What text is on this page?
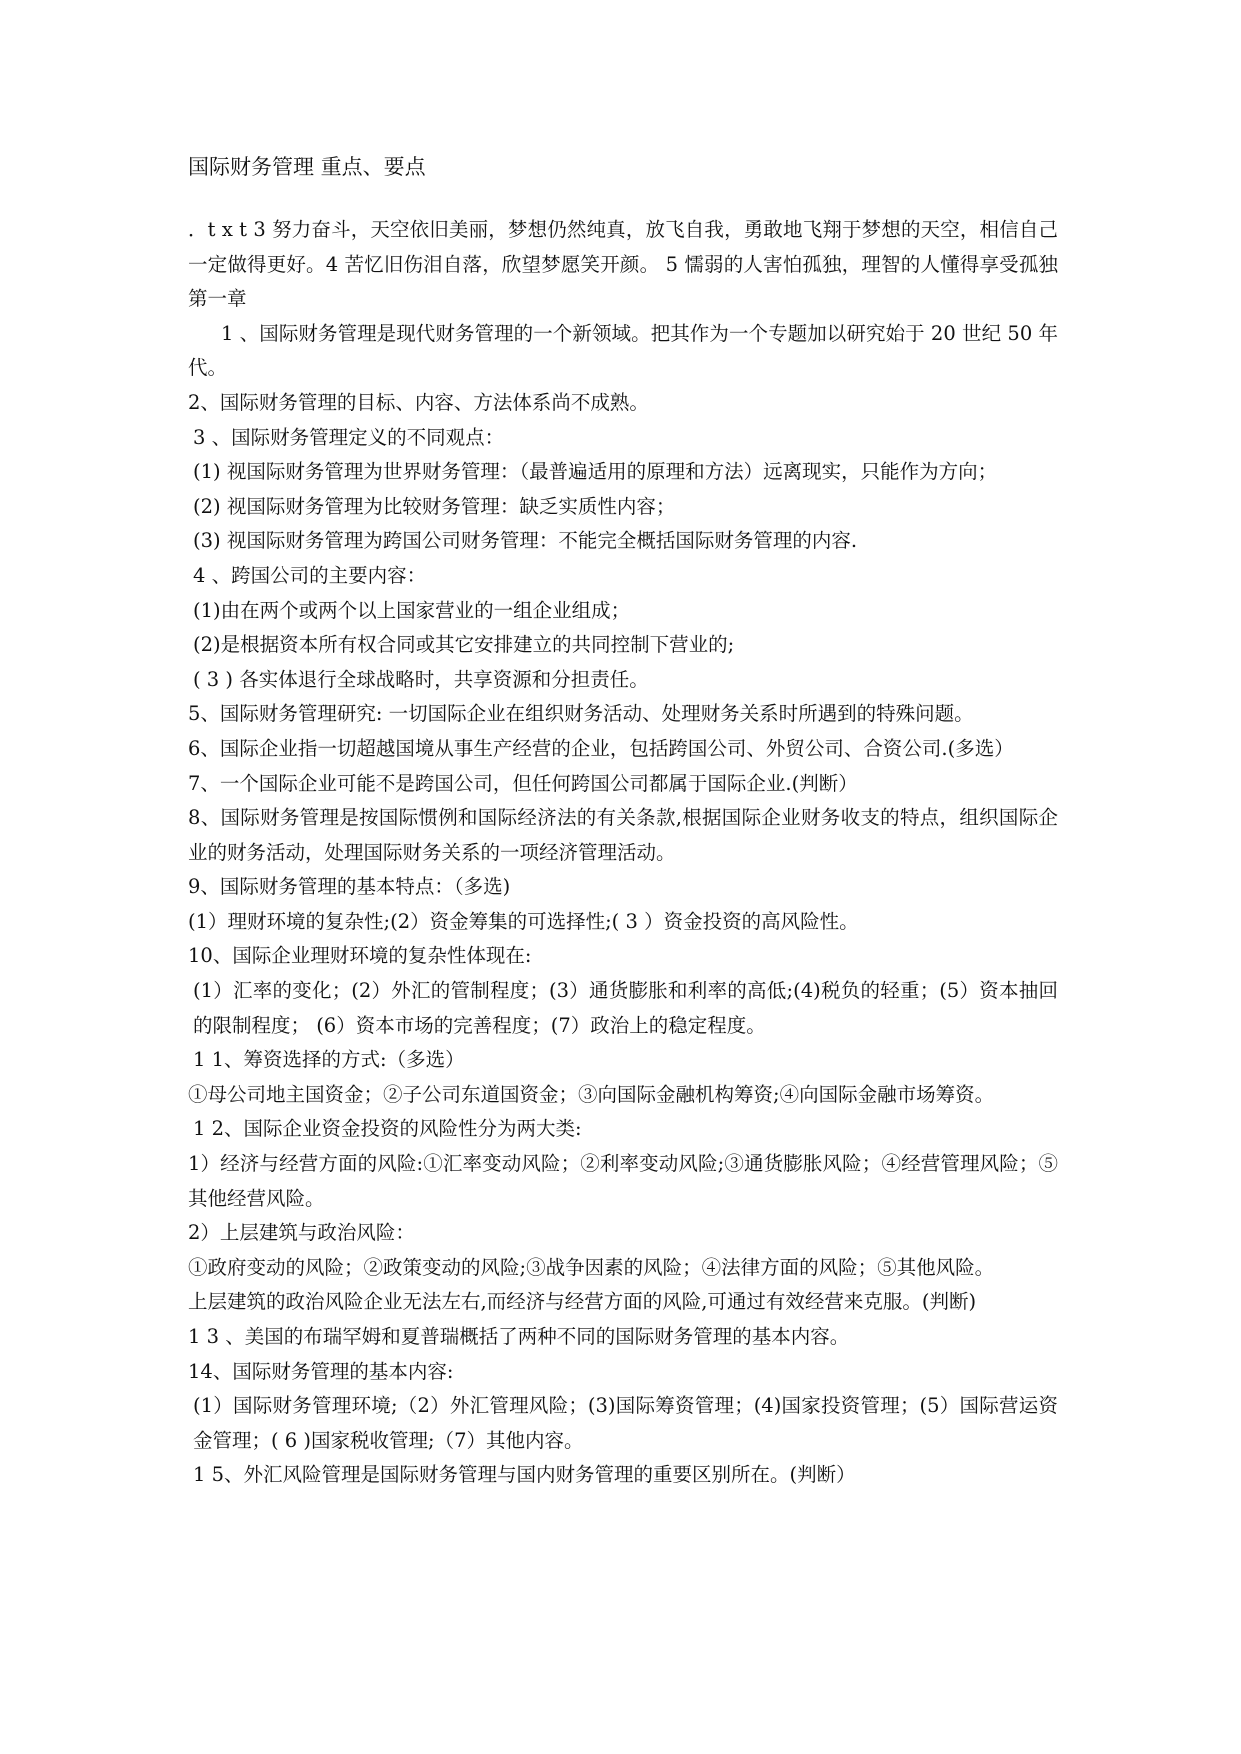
国际财务管理 重点、要点

．t x t 3 努力奋斗，天空依旧美丽，梦想仍然纯真，放飞自我，勇敢地飞翔于梦想的天空，相信自己一定做得更好。4 苦忆旧伤泪自落，欣望梦愿笑开颜。 5 懦弱的人害怕孤独，理智的人懂得享受孤独第一章

1 、国际财务管理是现代财务管理的一个新领域。把其作为一个专题加以研究始于 20 世纪 50 年代。

2、国际财务管理的目标、内容、方法体系尚不成熟。

3 、国际财务管理定义的不同观点：

(1) 视国际财务管理为世界财务管理：（最普遍适用的原理和方法）远离现实，只能作为方向；

(2) 视国际财务管理为比较财务管理：缺乏实质性内容；

(3) 视国际财务管理为跨国公司财务管理：不能完全概括国际财务管理的内容.

4 、跨国公司的主要内容：

(1)由在两个或两个以上国家营业的一组企业组成；

(2)是根据资本所有权合同或其它安排建立的共同控制下营业的;

( 3 ) 各实体退行全球战略时，共享资源和分担责任。

5、国际财务管理研究: 一切国际企业在组织财务活动、处理财务关系时所遇到的特殊问题。

6、国际企业指一切超越国境从事生产经营的企业，包括跨国公司、外贸公司、合资公司.(多选）

7、一个国际企业可能不是跨国公司，但任何跨国公司都属于国际企业.(判断）

8、国际财务管理是按国际惯例和国际经济法的有关条款,根据国际企业财务收支的特点，组织国际企业的财务活动，处理国际财务关系的一项经济管理活动。

9、国际财务管理的基本特点：（多选)

(1）理财环境的复杂性;(2）资金筹集的可选择性;( 3 ）资金投资的高风险性。

10、国际企业理财环境的复杂性体现在:

(1）汇率的变化；(2）外汇的管制程度；(3）通货膨胀和利率的高低;(4)税负的轻重；(5）资本抽回的限制程度； (6）资本市场的完善程度；(7）政治上的稳定程度。

1 1、筹资选择的方式:（多选）

①母公司地主国资金；②子公司东道国资金；③向国际金融机构筹资;④向国际金融市场筹资。

1 2、国际企业资金投资的风险性分为两大类:

1）经济与经营方面的风险:①汇率变动风险；②利率变动风险;③通货膨胀风险；④经营管理风险；⑤其他经营风险。

2）上层建筑与政治风险：

①政府变动的风险；②政策变动的风险;③战争因素的风险；④法律方面的风险；⑤其他风险。

上层建筑的政治风险企业无法左右,而经济与经营方面的风险,可通过有效经营来克服。(判断)

1 3 、美国的布瑞罕姆和夏普瑞概括了两种不同的国际财务管理的基本内容。

14、国际财务管理的基本内容:

(1）国际财务管理环境;（2）外汇管理风险；(3)国际筹资管理；(4)国家投资管理；(5）国际营运资金管理；( 6 )国家税收管理;（7）其他内容。

1 5、外汇风险管理是国际财务管理与国内财务管理的重要区别所在。(判断）
